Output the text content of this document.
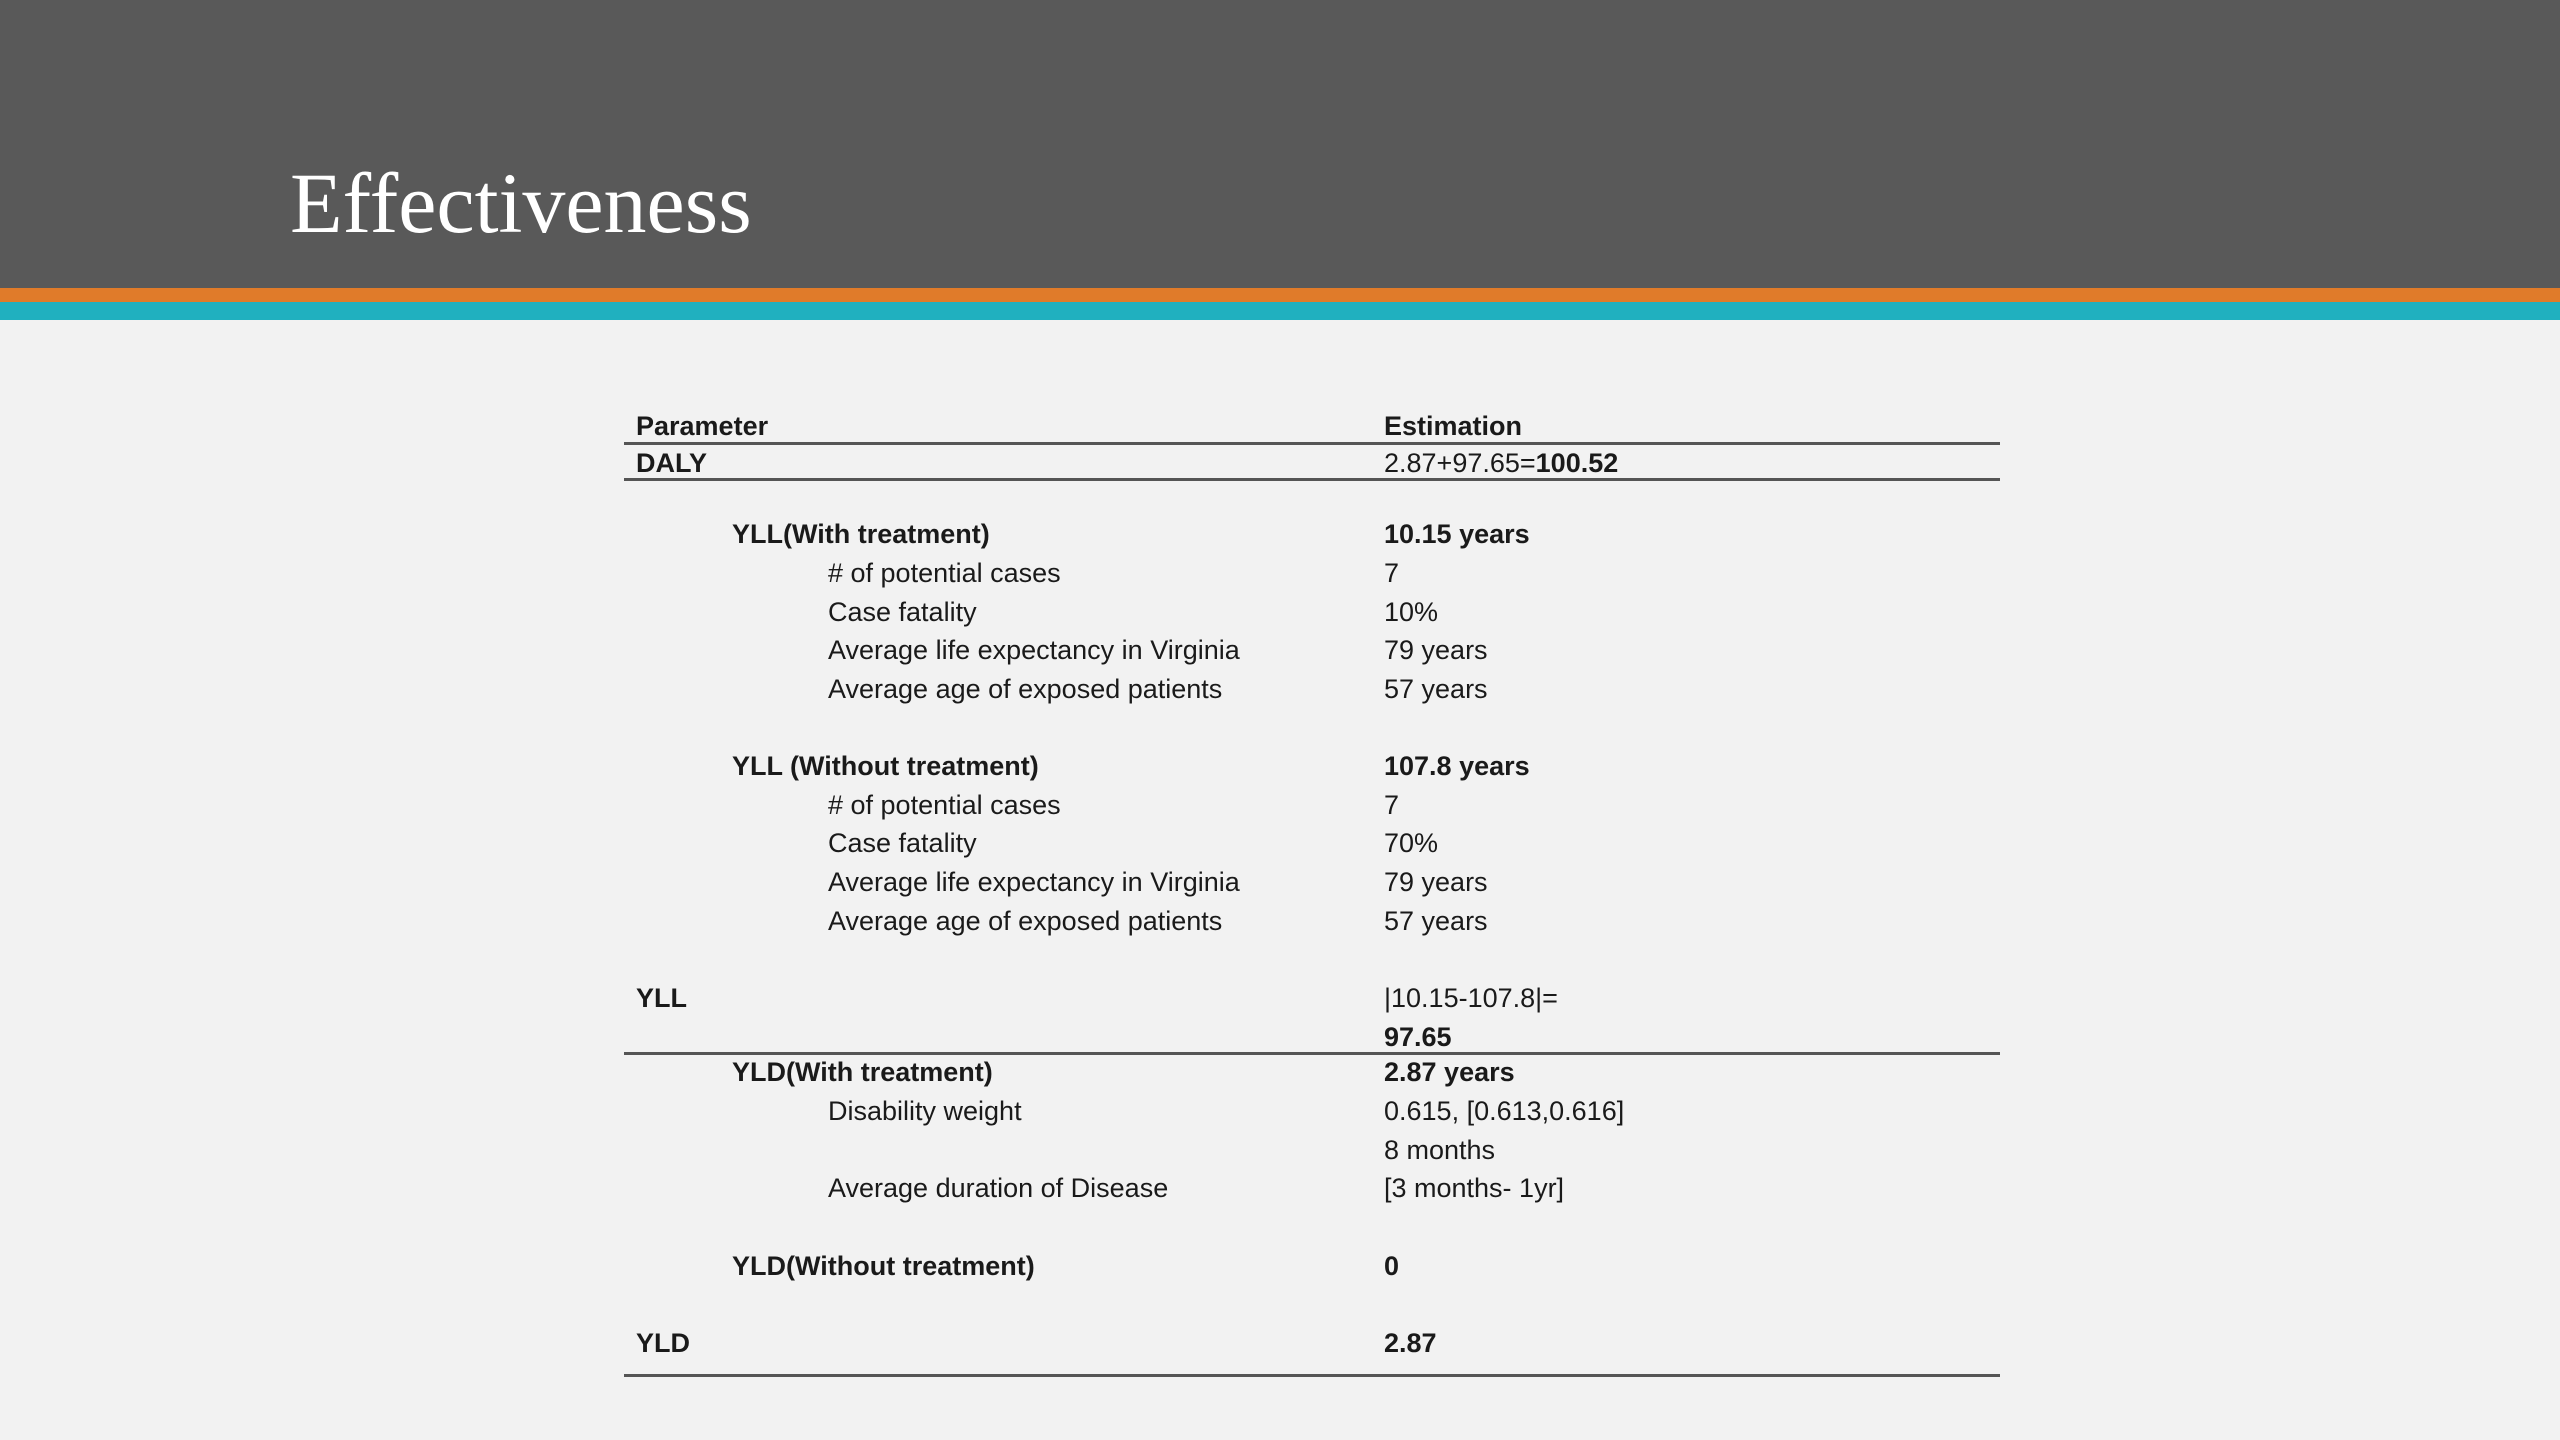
Effectiveness
Parameter	Estimation
DALY	2.87+97.65=100.52
YLL(With treatment)	10.15 years
# of potential cases	7
Case fatality	10%
Average life expectancy in Virginia	79 years
Average age of exposed patients	57 years
YLL (Without treatment)	107.8 years
# of potential cases	7
Case fatality	70%
Average life expectancy in Virginia	79 years
Average age of exposed patients	57 years
YLL	|10.15-107.8|=
97.65
YLD(With treatment)	2.87 years
Disability weight	0.615, [0.613,0.616]
8 months
Average duration of Disease	[3 months- 1yr]
YLD(Without treatment)	0
YLD	2.87
